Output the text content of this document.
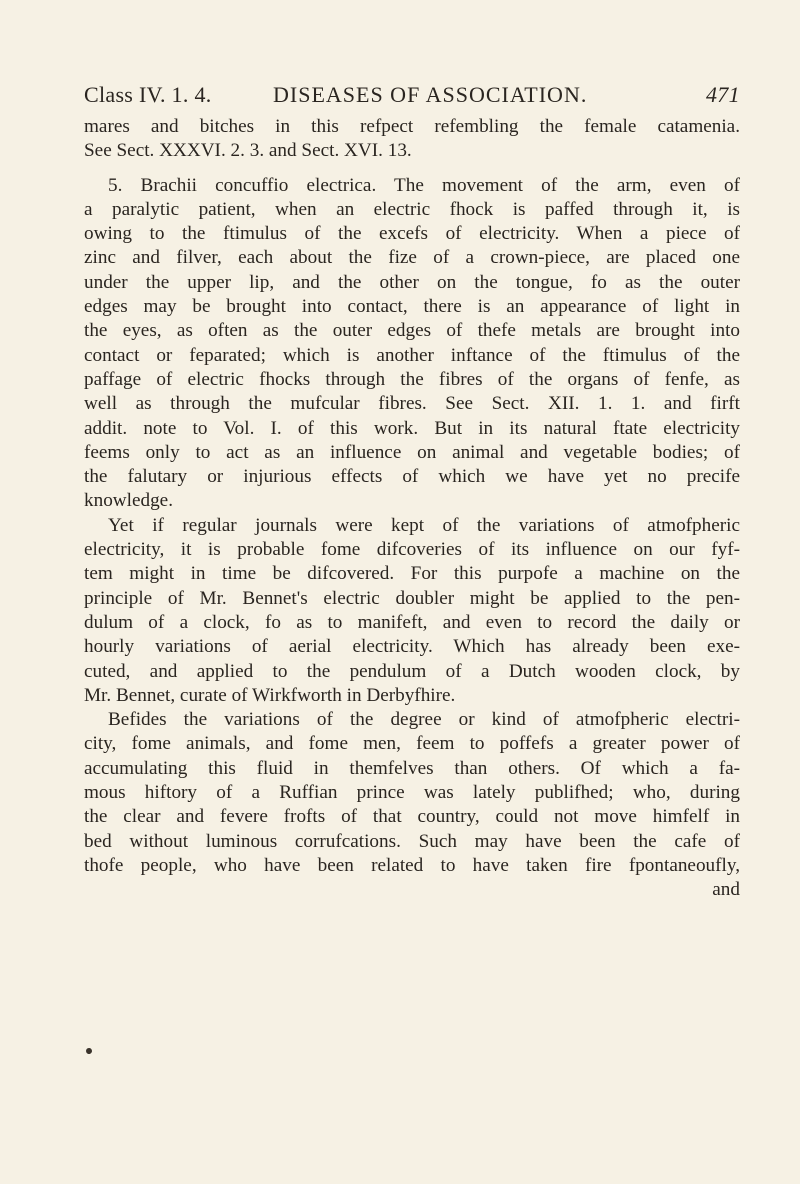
Class IV. 1. 4.	DISEASES OF ASSOCIATION.	471
mares and bitches in this refpect refembling the female catamenia.
See Sect. XXXVI. 2. 3. and Sect. XVI. 13.
5. Brachii concuffio electrica. The movement of the arm, even of
a paralytic patient, when an electric fhock is paffed through it, is
owing to the ftimulus of the excefs of electricity. When a piece of
zinc and filver, each about the fize of a crown-piece, are placed one
under the upper lip, and the other on the tongue, fo as the outer
edges may be brought into contact, there is an appearance of light in
the eyes, as often as the outer edges of thefe metals are brought into
contact or feparated; which is another inftance of the ftimulus of the
paffage of electric fhocks through the fibres of the organs of fenfe, as
well as through the mufcular fibres. See Sect. XII. 1. 1. and firft
addit. note to Vol. I. of this work. But in its natural ftate electricity
feems only to act as an influence on animal and vegetable bodies; of
the falutary or injurious effects of which we have yet no precife
knowledge.
Yet if regular journals were kept of the variations of atmofpheric
electricity, it is probable fome difcoveries of its influence on our fyf-
tem might in time be difcovered. For this purpofe a machine on the
principle of Mr. Bennet's electric doubler might be applied to the pen-
dulum of a clock, fo as to manifeft, and even to record the daily or
hourly variations of aerial electricity. Which has already been exe-
cuted, and applied to the pendulum of a Dutch wooden clock, by
Mr. Bennet, curate of Wirkfworth in Derbyfhire.
Befides the variations of the degree or kind of atmofpheric electri-
city, fome animals, and fome men, feem to poffefs a greater power of
accumulating this fluid in themfelves than others. Of which a fa-
mous hiftory of a Ruffian prince was lately publifhed; who, during
the clear and fevere frofts of that country, could not move himfelf in
bed without luminous corrufcations. Such may have been the cafe of
thofe people, who have been related to have taken fire fpontaneoufly,
and
